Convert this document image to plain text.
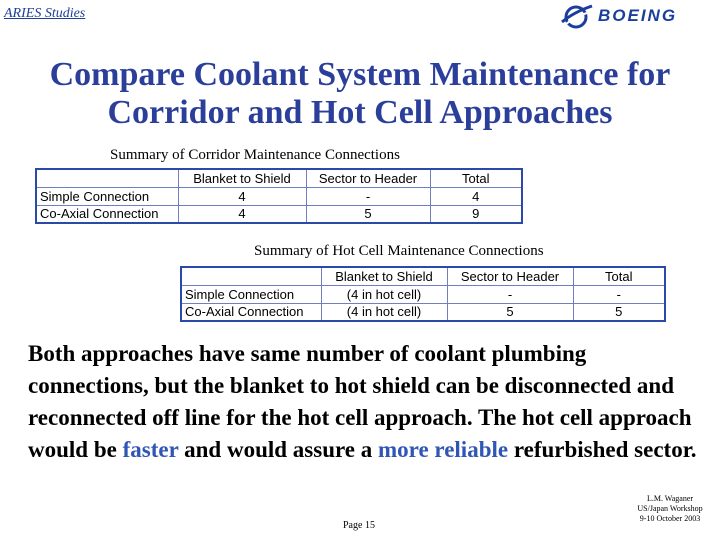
ARIES Studies	BOEING
Compare Coolant System Maintenance for
Corridor and Hot Cell Approaches
Summary of Corridor Maintenance Connections
	Blanket to Shield	Sector to Header	Total
Simple Connection	4	-	4
Co-Axial Connection	4	5	9
Summary of Hot Cell Maintenance Connections
	Blanket to Shield	Sector to Header	Total
Simple Connection	(4 in hot cell)	-	-
Co-Axial Connection	(4 in hot cell)	5	5
Both approaches have same number of coolant plumbing connections, but the blanket to hot shield can be disconnected and reconnected off line for the hot cell approach. The hot cell approach would be faster and would assure a more reliable refurbished sector.
Page 15
L.M. Waganer
US/Japan Workshop
9-10 October 2003
